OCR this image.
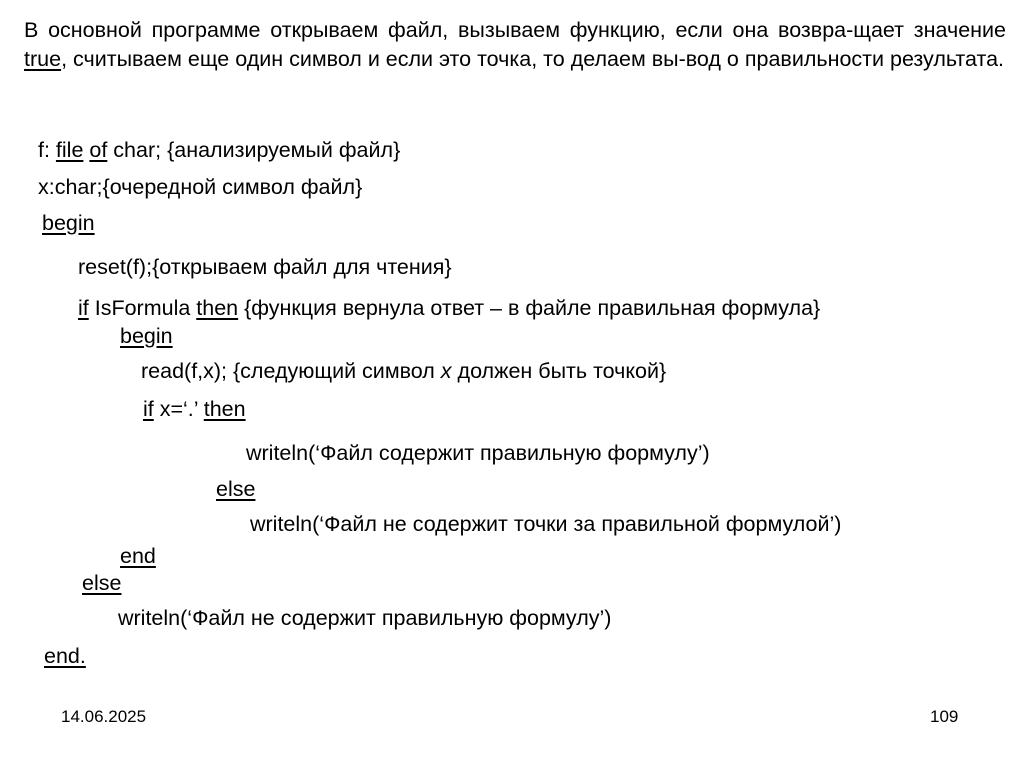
В основной программе открываем файл, вызываем функцию, если она возвра-щает значение true, считываем еще один символ и если это точка, то делаем вы-вод о правильности результата.

f: file of char; {анализируемый файл}
x:char;{очередной символ файл}
begin
reset(f);{открываем файл для чтения}
if IsFormula then {функция вернула ответ – в файле правильная формула}
begin
read(f,x); {следующий символ x должен быть точкой}
if x=‘.’ then
writeln(‘Файл содержит правильную формулу’)
else
writeln(‘Файл не содержит точки за правильной формулой’)
end
else
writeln(‘Файл не содержит правильную формулу’)
end.
14.06.2025	109
